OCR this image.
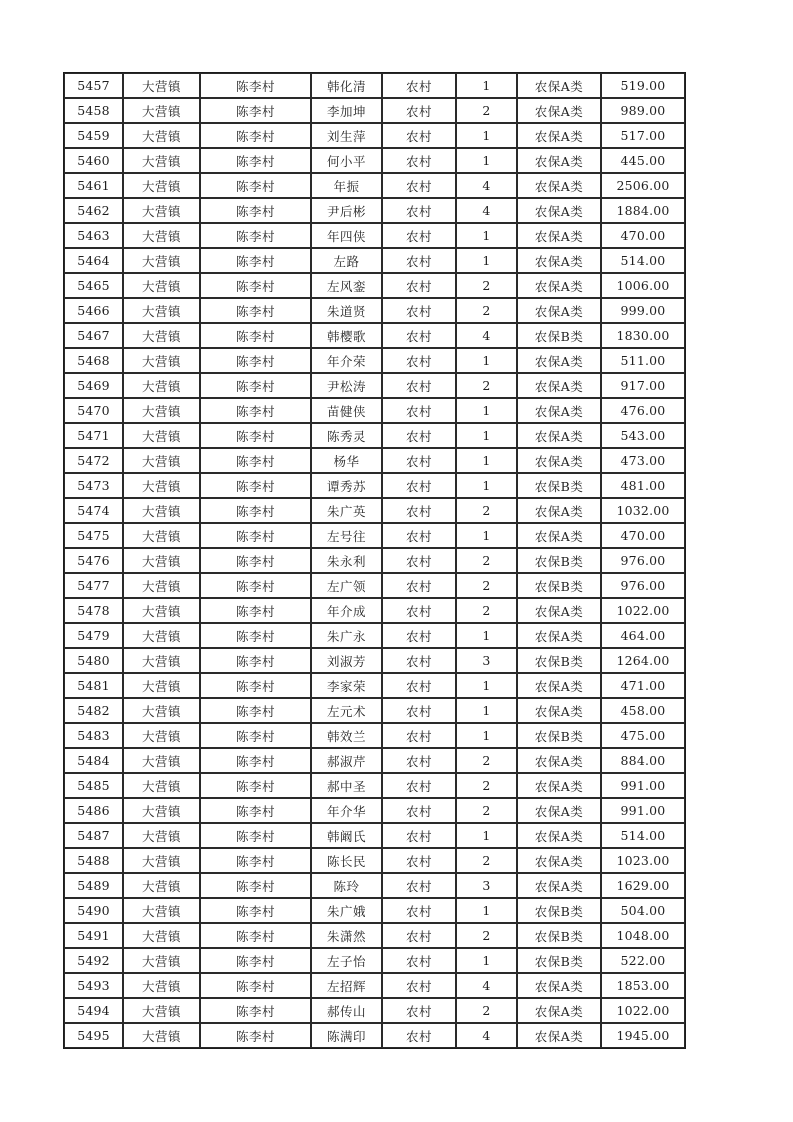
5457	大营镇	陈李村	韩化清	农村	1	农保A类	519.00
5458	大营镇	陈李村	李加坤	农村	2	农保A类	989.00
5459	大营镇	陈李村	刘生萍	农村	1	农保A类	517.00
5460	大营镇	陈李村	何小平	农村	1	农保A类	445.00
5461	大营镇	陈李村	年振	农村	4	农保A类	2506.00
5462	大营镇	陈李村	尹后彬	农村	4	农保A类	1884.00
5463	大营镇	陈李村	年四侠	农村	1	农保A类	470.00
5464	大营镇	陈李村	左路	农村	1	农保A类	514.00
5465	大营镇	陈李村	左风銮	农村	2	农保A类	1006.00
5466	大营镇	陈李村	朱道贤	农村	2	农保A类	999.00
5467	大营镇	陈李村	韩樱歌	农村	4	农保B类	1830.00
5468	大营镇	陈李村	年介荣	农村	1	农保A类	511.00
5469	大营镇	陈李村	尹松涛	农村	2	农保A类	917.00
5470	大营镇	陈李村	苗健侠	农村	1	农保A类	476.00
5471	大营镇	陈李村	陈秀灵	农村	1	农保A类	543.00
5472	大营镇	陈李村	杨华	农村	1	农保A类	473.00
5473	大营镇	陈李村	谭秀苏	农村	1	农保B类	481.00
5474	大营镇	陈李村	朱广英	农村	2	农保A类	1032.00
5475	大营镇	陈李村	左号往	农村	1	农保A类	470.00
5476	大营镇	陈李村	朱永利	农村	2	农保B类	976.00
5477	大营镇	陈李村	左广领	农村	2	农保B类	976.00
5478	大营镇	陈李村	年介成	农村	2	农保A类	1022.00
5479	大营镇	陈李村	朱广永	农村	1	农保A类	464.00
5480	大营镇	陈李村	刘淑芳	农村	3	农保B类	1264.00
5481	大营镇	陈李村	李家荣	农村	1	农保A类	471.00
5482	大营镇	陈李村	左元术	农村	1	农保A类	458.00
5483	大营镇	陈李村	韩效兰	农村	1	农保B类	475.00
5484	大营镇	陈李村	郝淑芹	农村	2	农保A类	884.00
5485	大营镇	陈李村	郝中圣	农村	2	农保A类	991.00
5486	大营镇	陈李村	年介华	农村	2	农保A类	991.00
5487	大营镇	陈李村	韩阚氏	农村	1	农保A类	514.00
5488	大营镇	陈李村	陈长民	农村	2	农保A类	1023.00
5489	大营镇	陈李村	陈玲	农村	3	农保A类	1629.00
5490	大营镇	陈李村	朱广娥	农村	1	农保B类	504.00
5491	大营镇	陈李村	朱潇然	农村	2	农保B类	1048.00
5492	大营镇	陈李村	左子怡	农村	1	农保B类	522.00
5493	大营镇	陈李村	左招辉	农村	4	农保A类	1853.00
5494	大营镇	陈李村	郝传山	农村	2	农保A类	1022.00
5495	大营镇	陈李村	陈满印	农村	4	农保A类	1945.00
